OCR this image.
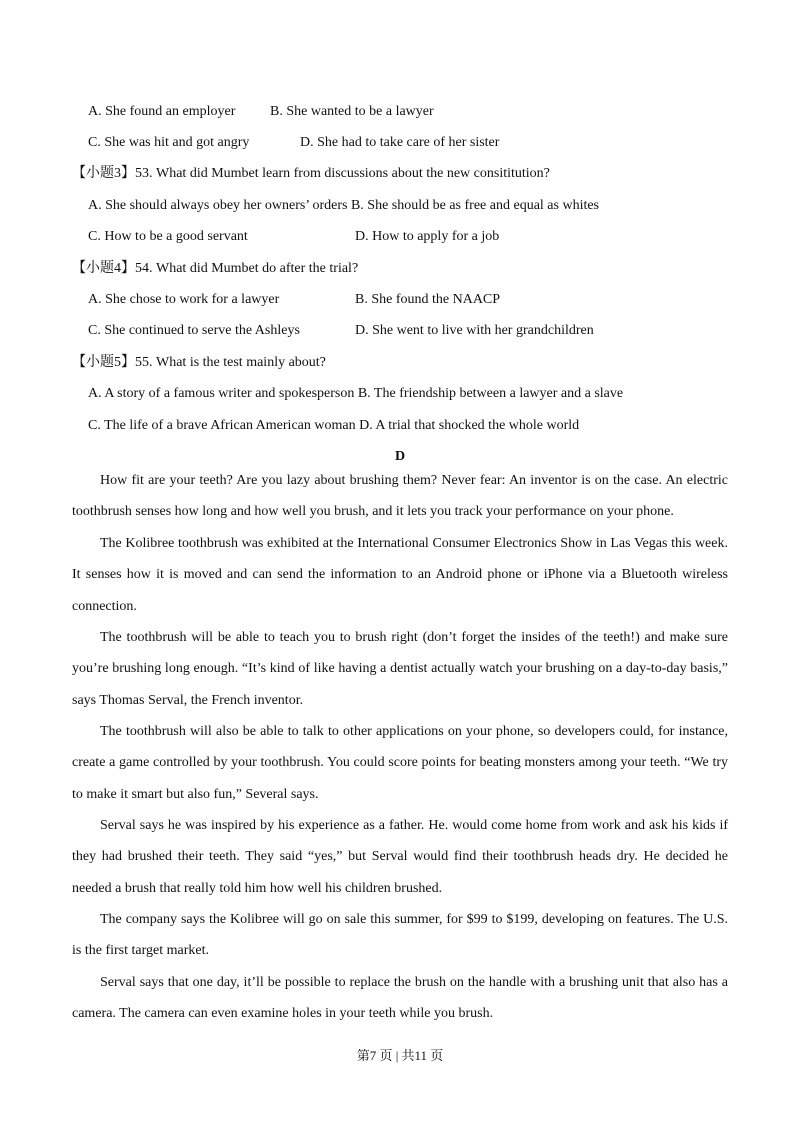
A. She found an employer B. She wanted to be a lawyer
C. She was hit and got angry	D. She had to take care of her sister
【小题3】53. What did Mumbet learn from discussions about the new consititution?
A. She should always obey her owners’ orders B. She should be as free and equal as whites
C. How to be a good servant	D. How to apply for a job
【小题4】54. What did Mumbet do after the trial?
A. She chose to work for a lawyer	B. She found the NAACP
C. She continued to serve the Ashleys	D. She went to live with her grandchildren
【小题5】55. What is the test mainly about?
A. A story of a famous writer and spokesperson B. The friendship between a lawyer and a slave
C. The life of a brave African American woman D. A trial that shocked the whole world
D

How fit are your teeth? Are you lazy about brushing them? Never fear: An inventor is on the case. An electric toothbrush senses how long and how well you brush, and it lets you track your performance on your phone.

The Kolibree toothbrush was exhibited at the International Consumer Electronics Show in Las Vegas this week. It senses how it is moved and can send the information to an Android phone or iPhone via a Bluetooth wireless connection.

The toothbrush will be able to teach you to brush right (don’t forget the insides of the teeth!) and make sure you’re brushing long enough. “It’s kind of like having a dentist actually watch your brushing on a day-to-day basis,” says Thomas Serval, the French inventor.

The toothbrush will also be able to talk to other applications on your phone, so developers could, for instance, create a game controlled by your toothbrush. You could score points for beating monsters among your teeth. “We try to make it smart but also fun,” Several says.

Serval says he was inspired by his experience as a father. He. would come home from work and ask his kids if they had brushed their teeth. They said “yes,” but Serval would find their toothbrush heads dry. He decided he needed a brush that really told him how well his children brushed.

The company says the Kolibree will go on sale this summer, for $99 to $199, developing on features. The U.S. is the first target market.

Serval says that one day, it’ll be possible to replace the brush on the handle with a brushing unit that also has a camera. The camera can even examine holes in your teeth while you brush.

第7 页 | 共11 页
